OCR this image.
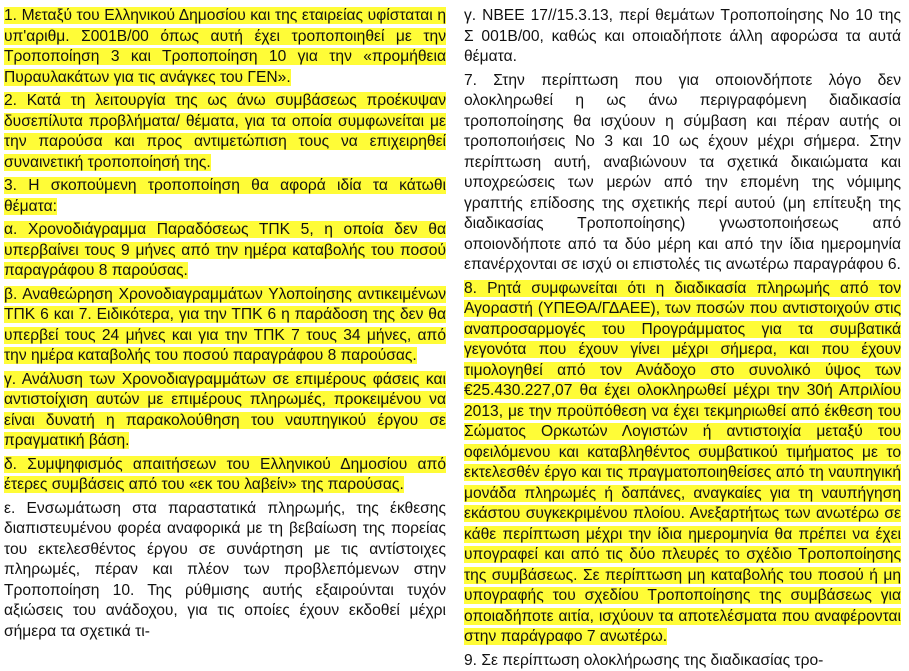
1. Μεταξύ του Ελληνικού Δημοσίου και της εταιρείας υφίσταται η υπ'αριθμ. Σ001Β/00 όπως αυτή έχει τροποποιηθεί με την Τροποποίηση 3 και Τροποποίηση 10 για την «προμήθεια Πυραυλακάτων για τις ανάγκες του ΓΕΝ».

2. Κατά τη λειτουργία της ως άνω συμβάσεως προέκυψαν δυσεπίλυτα προβλήματα/ θέματα, για τα οποία συμφωνείται με την παρούσα και προς αντιμετώπιση τους να επιχειρηθεί συναινετική τροποποίησή της.

3. Η σκοπούμενη τροποποίηση θα αφορά ιδία τα κάτωθι θέματα:

α. Χρονοδιάγραμμα Παραδόσεως ΤΠΚ 5, η οποία δεν θα υπερβαίνει τους 9 μήνες από την ημέρα καταβολής του ποσού παραγράφου 8 παρούσας.

β. Αναθεώρηση Χρονοδιαγραμμάτων Υλοποίησης αντικειμένων ΤΠΚ 6 και 7. Ειδικότερα, για την ΤΠΚ 6 η παράδοση της δεν θα υπερβεί τους 24 μήνες και για την ΤΠΚ 7 τους 34 μήνες, από την ημέρα καταβολής του ποσού παραγράφου 8 παρούσας.

γ. Ανάλυση των Χρονοδιαγραμμάτων σε επιμέρους φάσεις και αντιστοίχιση αυτών με επιμέρους πληρωμές, προκειμένου να είναι δυνατή η παρακολούθηση του ναυπηγικού έργου σε πραγματική βάση.

δ. Συμψηφισμός απαιτήσεων του Ελληνικού Δημοσίου από έτερες συμβάσεις από του «εκ του λαβείν» της παρούσας.

ε. Ενσωμάτωση στα παραστατικά πληρωμής, της έκθεσης διαπιστευμένου φορέα αναφορικά με τη βεβαίωση της πορείας του εκτελεσθέντος έργου σε συνάρτηση με τις αντίστοιχες πληρωμές, πέραν και πλέον των προβλεπόμενων στην Τροποποίηση 10. Της ρύθμισης αυτής εξαιρούνται τυχόν αξιώσεις του ανάδοχου, για τις οποίες έχουν εκδοθεί μέχρι σήμερα τα σχετικά τι-

γ. ΝΒΕΕ 17//15.3.13, περί θεμάτων Τροποποίησης Νο 10 της Σ 001Β/00, καθώς και οποιαδήποτε άλλη αφορώσα τα αυτά θέματα.

7. Στην περίπτωση που για οποιονδήποτε λόγο δεν ολοκληρωθεί η ως άνω περιγραφόμενη διαδικασία τροποποίησης θα ισχύουν η σύμβαση και πέραν αυτής οι τροποποιήσεις Νο 3 και 10 ως έχουν μέχρι σήμερα. Στην περίπτωση αυτή, αναβιώνουν τα σχετικά δικαιώματα και υποχρεώσεις των μερών από την επομένη της νόμιμης γραπτής επίδοσης της σχετικής περί αυτού (μη επίτευξη της διαδικασίας Τροποποίησης) γνωστοποιήσεως από οποιονδήποτε από τα δύο μέρη και από την ίδια ημερομηνία επανέρχονται σε ισχύ οι επιστολές τις ανωτέρω παραγράφου 6.

8. Ρητά συμφωνείται ότι η διαδικασία πληρωμής από τον Αγοραστή (ΥΠΕΘΑ/ΓΔΑΕΕ), των ποσών που αντιστοιχούν στις αναπροσαρμογές του Προγράμματος για τα συμβατικά γεγονότα που έχουν γίνει μέχρι σήμερα, και που έχουν τιμολογηθεί από τον Ανάδοχο στο συνολικό ύψος των €25.430.227,07 θα έχει ολοκληρωθεί μέχρι την 30ή Απριλίου 2013, με την προϋπόθεση να έχει τεκμηριωθεί από έκθεση του Σώματος Ορκωτών Λογιστών ή αντιστοιχία μεταξύ του οφειλόμενου και καταβληθέντος συμβατικού τιμήματος με το εκτελεσθέν έργο και τις πραγματοποιηθείσες από τη ναυπηγική μονάδα πληρωμές ή δαπάνες, αναγκαίες για τη ναυπήγηση εκάστου συγκεκριμένου πλοίου. Ανεξαρτήτως των ανωτέρω σε κάθε περίπτωση μέχρι την ίδια ημερομηνία θα πρέπει να έχει υπογραφεί και από τις δύο πλευρές το σχέδιο Τροποποίησης της συμβάσεως. Σε περίπτωση μη καταβολής του ποσού ή μη υπογραφής του σχεδίου Τροποποίησης της συμβάσεως για οποιαδήποτε αιτία, ισχύουν τα αποτελέσματα που αναφέρονται στην παράγραφο 7 ανωτέρω.

9. Σε περίπτωση ολοκλήρωσης της διαδικασίας τρο-
